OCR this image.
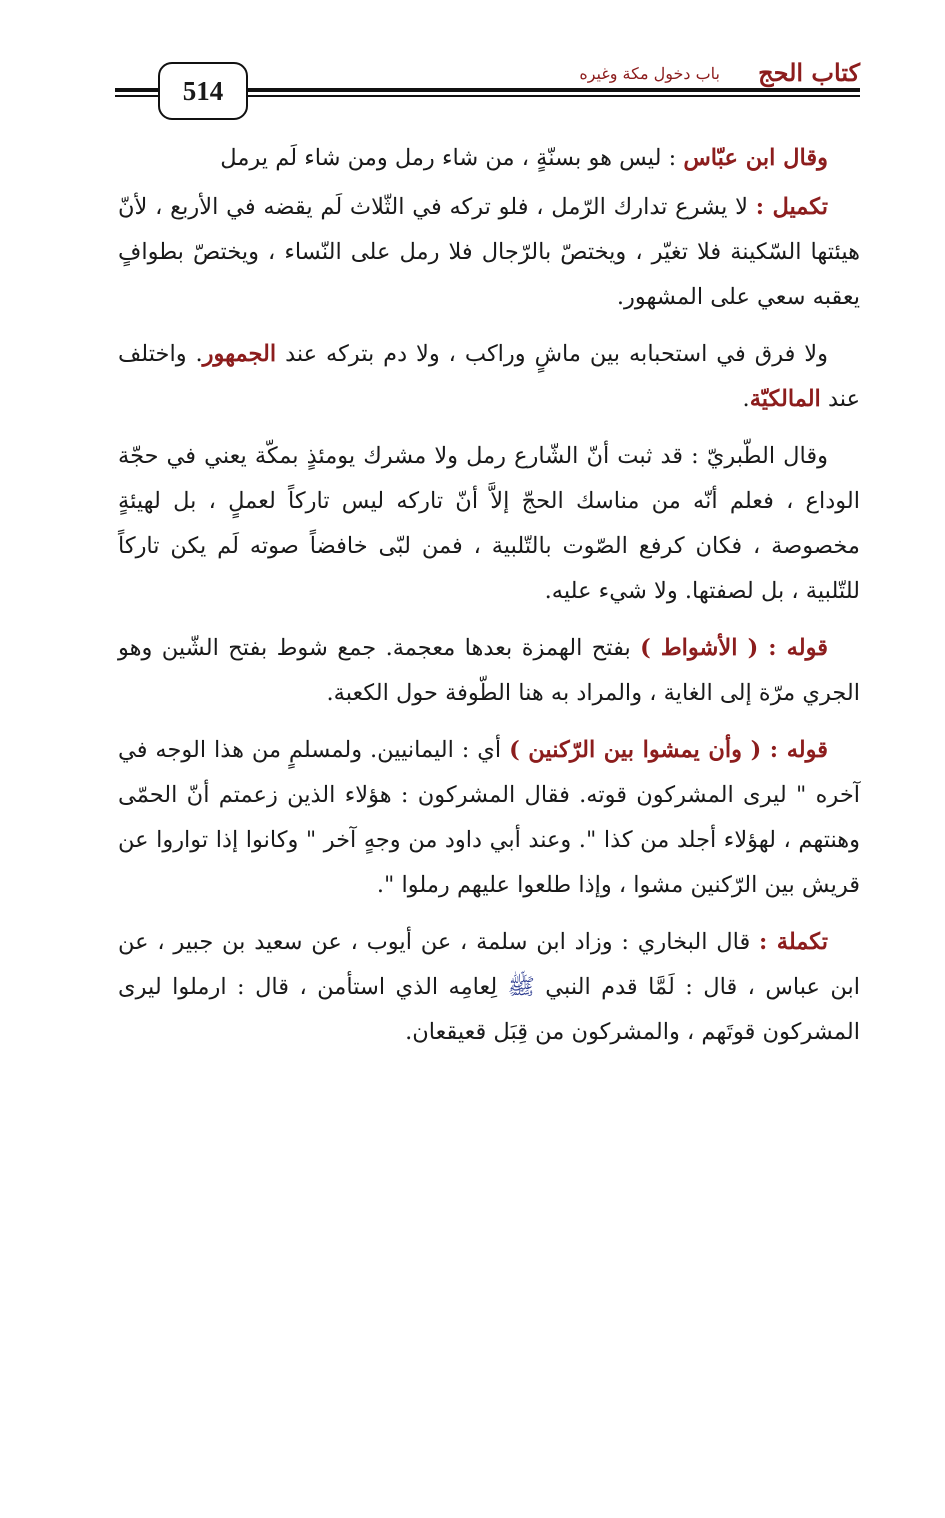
كتاب الحج
باب دخول مكة وغيره
514

وقال ابن عبّاس : ليس هو بسنّةٍ ، من شاء رمل ومن شاء لَم يرمل

تكميل : لا يشرع تدارك الرّمل ، فلو تركه في الثّلاث لَم يقضه في الأربع ، لأنّ هيئتها السّكينة فلا تغيّر ، ويختصّ بالرّجال فلا رمل على النّساء ، ويختصّ بطوافٍ يعقبه سعي على المشهور.

ولا فرق في استحبابه بين ماشٍ وراكب ، ولا دم بتركه عند الجمهور. واختلف عند المالكيّة.

وقال الطّبريّ : قد ثبت أنّ الشّارع رمل ولا مشرك يومئذٍ بمكّة يعني في حجّة الوداع ، فعلم أنّه من مناسك الحجّ إلاَّ أنّ تاركه ليس تاركاً لعملٍ ، بل لهيئةٍ مخصوصة ، فكان كرفع الصّوت بالتّلبية ، فمن لبّى خافضاً صوته لَم يكن تاركاً للتّلبية ، بل لصفتها. ولا شيء عليه.

قوله : ( الأشواط ) بفتح الهمزة بعدها معجمة. جمع شوط بفتح الشّين وهو الجري مرّة إلى الغاية ، والمراد به هنا الطّوفة حول الكعبة.

قوله : ( وأن يمشوا بين الرّكنين ) أي : اليمانيين. ولمسلمٍ من هذا الوجه في آخره " ليرى المشركون قوته. فقال المشركون : هؤلاء الذين زعمتم أنّ الحمّى وهنتهم ، لهؤلاء أجلد من كذا ". وعند أبي داود من وجهٍ آخر " وكانوا إذا تواروا عن قريش بين الرّكنين مشوا ، وإذا طلعوا عليهم رملوا ".

تكملة : قال البخاري : وزاد ابن سلمة ، عن أيوب ، عن سعيد بن جبير ، عن ابن عباس ، قال : لَمَّا قدم النبي ﷺ لِعامِه الذي استأمن ، قال : ارملوا ليرى المشركون قوتَهم ، والمشركون من قِبَل قعيقعان.
